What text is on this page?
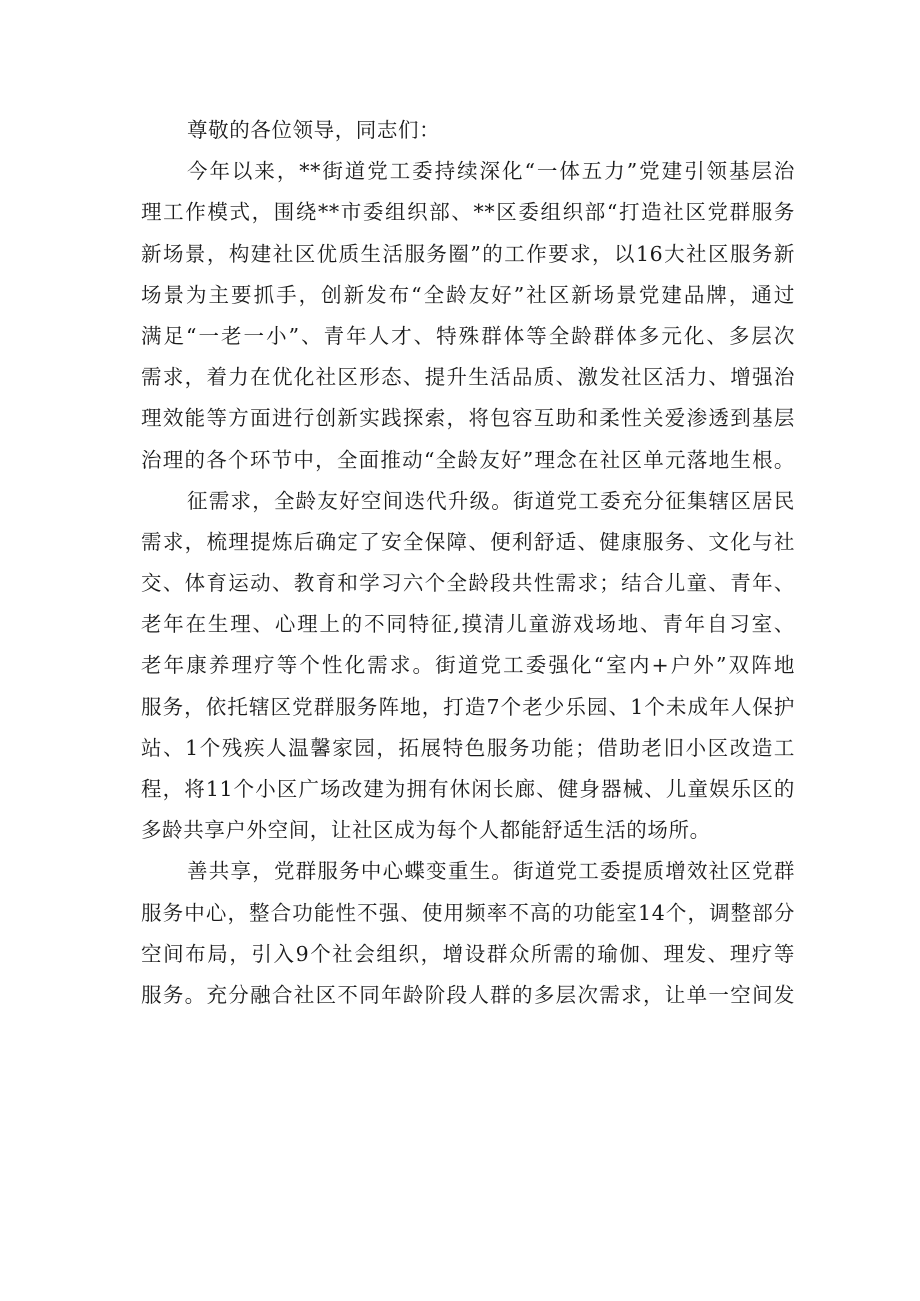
尊敬的各位领导，同志们：
今年以来，**街道党工委持续深化“一体五力”党建引领基层治
理工作模式，围绕**市委组织部、**区委组织部“打造社区党群服务
新场景，构建社区优质生活服务圈”的工作要求，以16大社区服务新
场景为主要抓手，创新发布“全龄友好”社区新场景党建品牌，通过
满足“一老一小”、青年人才、特殊群体等全龄群体多元化、多层次
需求，着力在优化社区形态、提升生活品质、激发社区活力、增强治
理效能等方面进行创新实践探索，将包容互助和柔性关爱渗透到基层
治理的各个环节中，全面推动“全龄友好”理念在社区单元落地生根。
征需求，全龄友好空间迭代升级。街道党工委充分征集辖区居民
需求，梳理提炼后确定了安全保障、便利舒适、健康服务、文化与社
交、体育运动、教育和学习六个全龄段共性需求；结合儿童、青年、
老年在生理、心理上的不同特征,摸清儿童游戏场地、青年自习室、
老年康养理疗等个性化需求。街道党工委强化“室内+户外”双阵地
服务，依托辖区党群服务阵地，打造7个老少乐园、1个未成年人保护
站、1个残疾人温馨家园，拓展特色服务功能；借助老旧小区改造工
程，将11个小区广场改建为拥有休闲长廊、健身器械、儿童娱乐区的
多龄共享户外空间，让社区成为每个人都能舒适生活的场所。
善共享，党群服务中心蝶变重生。街道党工委提质增效社区党群
服务中心，整合功能性不强、使用频率不高的功能室14个，调整部分
空间布局，引入9个社会组织，增设群众所需的瑜伽、理发、理疗等
服务。充分融合社区不同年龄阶段人群的多层次需求，让单一空间发
